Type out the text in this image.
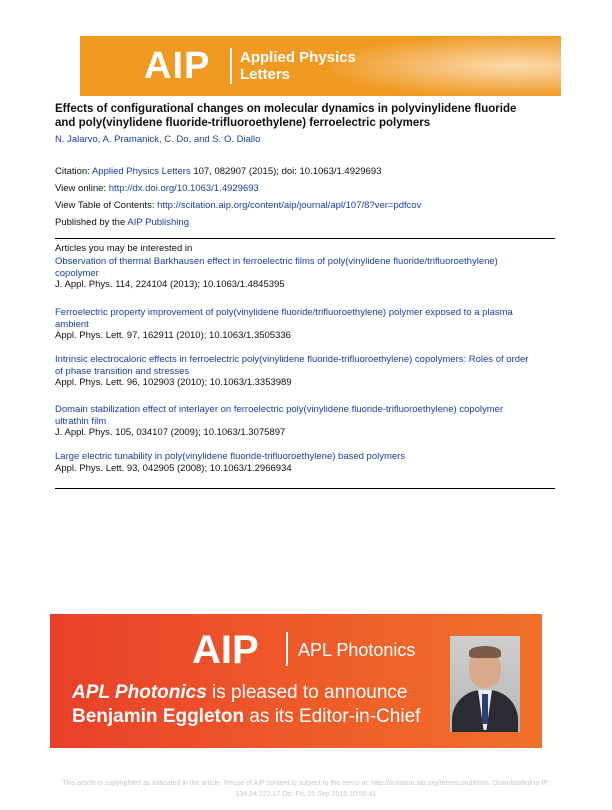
AIP Applied Physics
Letters
Effects of configurational changes on molecular dynamics in polyvinylidene fluoride
and poly(vinylidene fluoride-trifluoroethylene) ferroelectric polymers
N. Jalarvo, A. Pramanick, C. Do, and S. O. Diallo
Citation: Applied Physics Letters 107, 082907 (2015); doi: 10.1063/1.4929693
View online: http://dx.doi.org/10.1063/1.4929693
View Table of Contents: http://scitation.aip.org/content/aip/journal/apl/107/8?ver=pdfcov
Published by the AIP Publishing
Articles you may be interested in
Observation of thermal Barkhausen effect in ferroelectric films of poly(vinylidene fluoride/trifluoroethylene)
copolymer
J. Appl. Phys. 114, 224104 (2013); 10.1063/1.4845395
Ferroelectric property improvement of poly(vinylidene fluoride/trifluoroethylene) polymer exposed to a plasma
ambient
Appl. Phys. Lett. 97, 162911 (2010); 10.1063/1.3505336
Intrinsic electrocaloric effects in ferroelectric poly(vinylidene fluoride-trifluoroethylene) copolymers: Roles of order
of phase transition and stresses
Appl. Phys. Lett. 96, 102903 (2010); 10.1063/1.3353989
Domain stabilization effect of interlayer on ferroelectric poly(vinylidene fluoride-trifluoroethylene) copolymer
ultrathin film
J. Appl. Phys. 105, 034107 (2009); 10.1063/1.3075897
Large electric tunability in poly(vinylidene fluoride-trifluoroethylene) based polymers
Appl. Phys. Lett. 93, 042905 (2008); 10.1063/1.2966934
AIP APL Photonics
APL Photonics is pleased to announce
Benjamin Eggleton as its Editor-in-Chief
This article is copyrighted as indicated in the article. Reuse of AIP content is subject to the terms at: http://scitation.aip.org/termsconditions. Downloaded to IP:
134.94.122.17 On: Fri, 25 Sep 2015 10:56:41
